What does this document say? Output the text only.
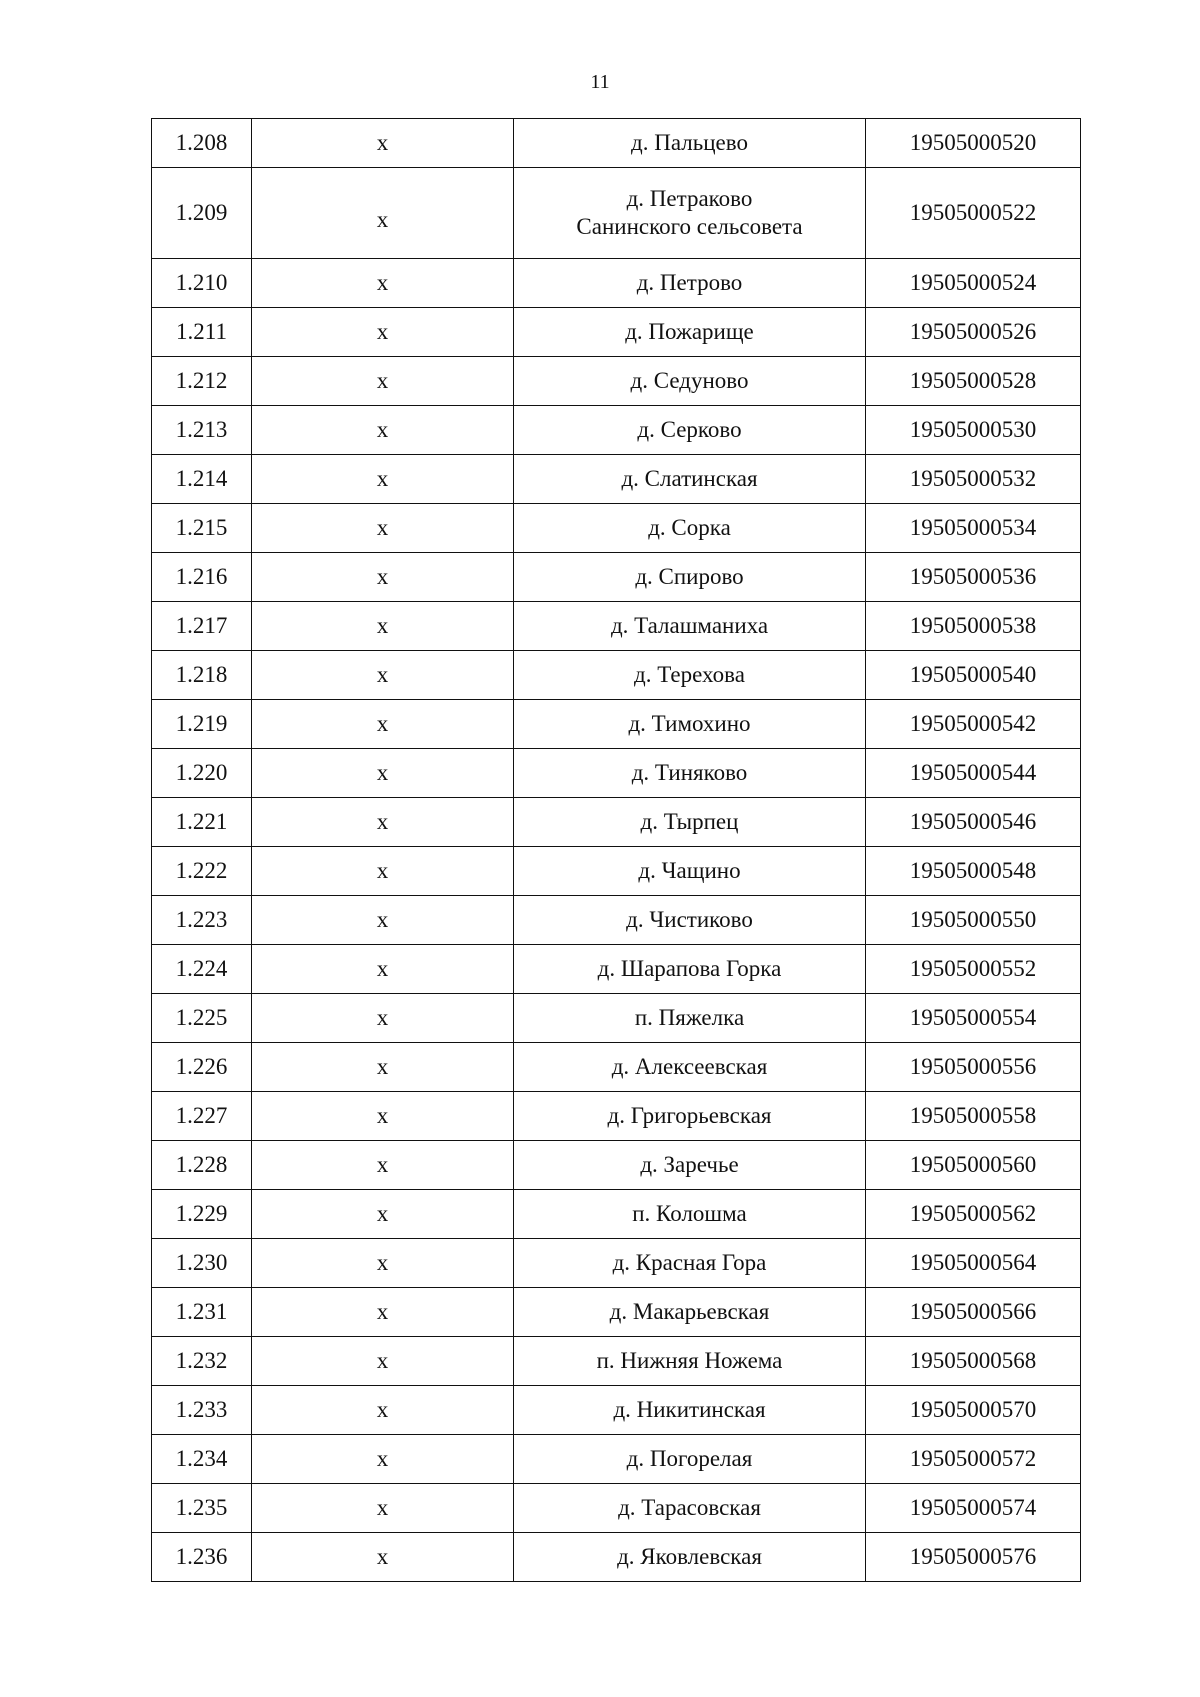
11
1.208	x	д. Пальцево	19505000520
1.209	x	д. Петраково
Санинского сельсовета	19505000522
1.210	x	д. Петрово	19505000524
1.211	x	д. Пожарище	19505000526
1.212	x	д. Седуново	19505000528
1.213	x	д. Серково	19505000530
1.214	x	д. Слатинская	19505000532
1.215	x	д. Сорка	19505000534
1.216	x	д. Спирово	19505000536
1.217	x	д. Талашманиха	19505000538
1.218	x	д. Терехова	19505000540
1.219	x	д. Тимохино	19505000542
1.220	x	д. Тиняково	19505000544
1.221	x	д. Тырпец	19505000546
1.222	x	д. Чащино	19505000548
1.223	x	д. Чистиково	19505000550
1.224	x	д. Шарапова Горка	19505000552
1.225	x	п. Пяжелка	19505000554
1.226	x	д. Алексеевская	19505000556
1.227	x	д. Григорьевская	19505000558
1.228	x	д. Заречье	19505000560
1.229	x	п. Колошма	19505000562
1.230	x	д. Красная Гора	19505000564
1.231	x	д. Макарьевская	19505000566
1.232	x	п. Нижняя Ножема	19505000568
1.233	x	д. Никитинская	19505000570
1.234	x	д. Погорелая	19505000572
1.235	x	д. Тарасовская	19505000574
1.236	x	д. Яковлевская	19505000576
